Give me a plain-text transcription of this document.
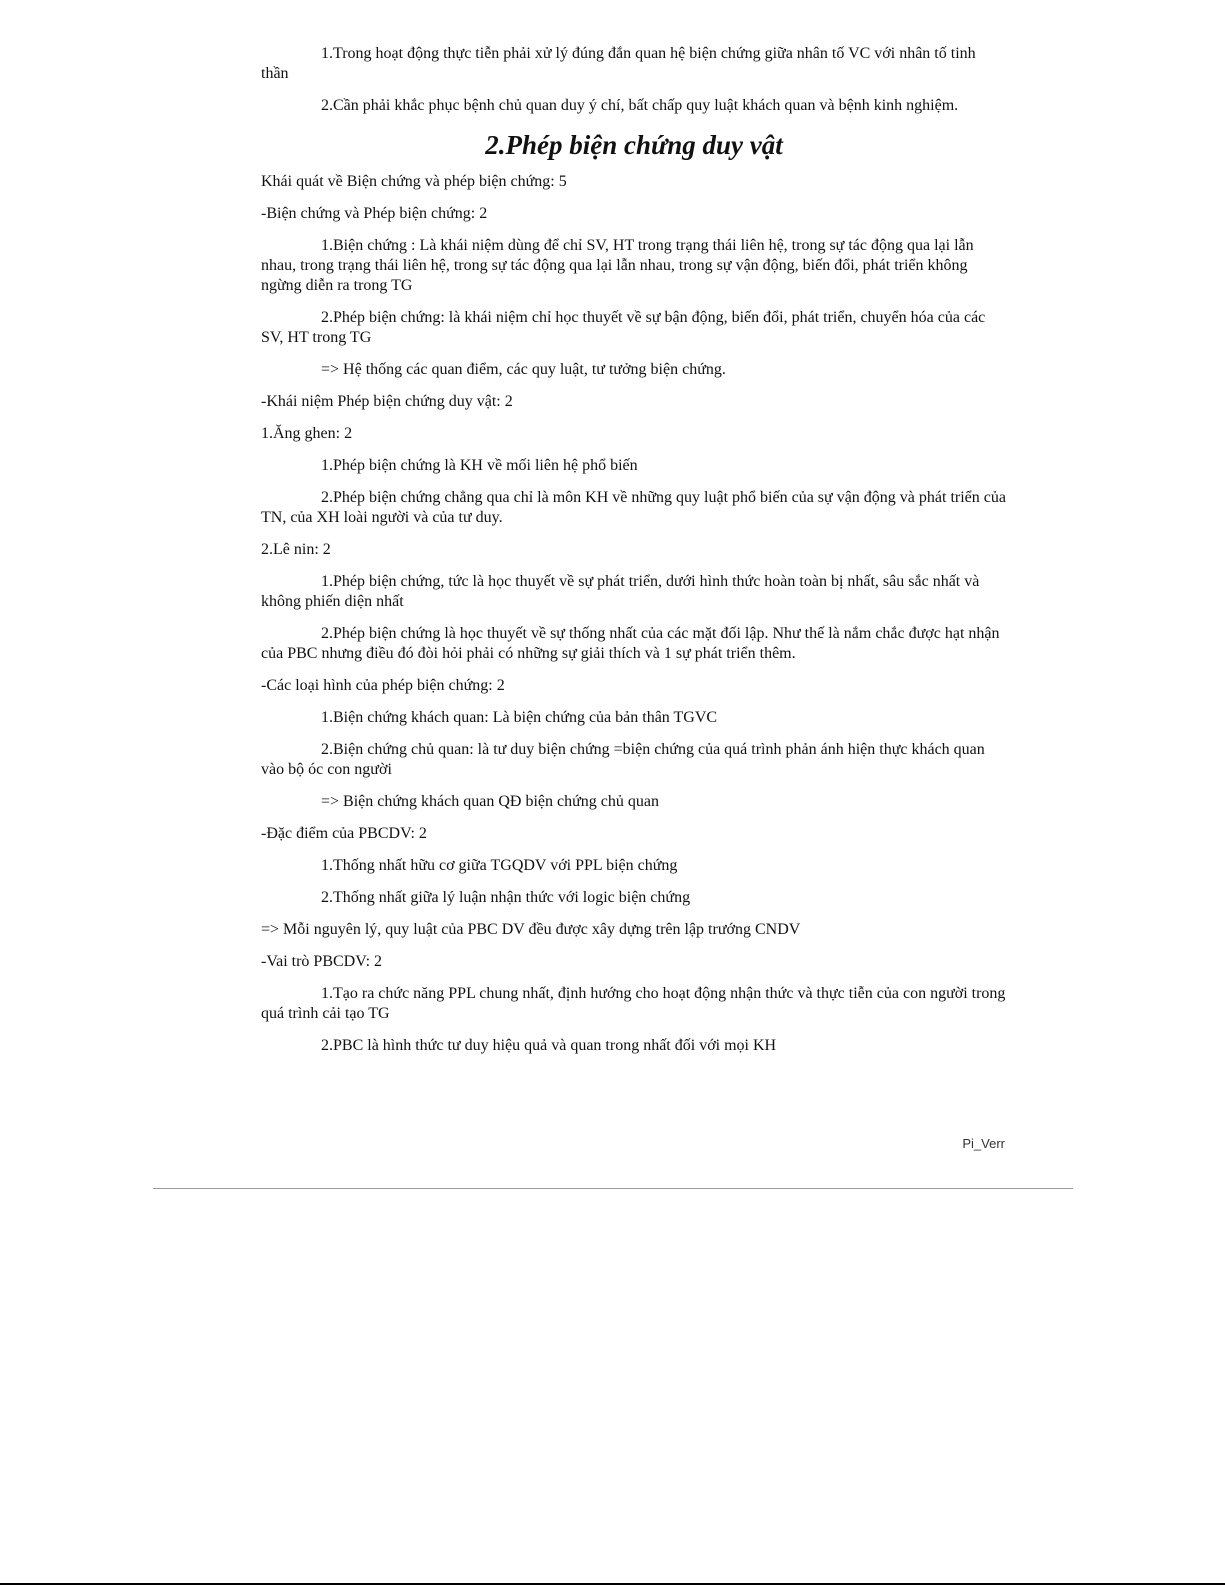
1.Trong hoạt động thực tiễn phải xử lý đúng đắn quan hệ biện chứng giữa nhân tố VC với nhân tố tinh thần

2.Cần phải khắc phục bệnh chủ quan duy ý chí, bất chấp quy luật khách quan và bệnh kinh nghiệm.

2.Phép biện chứng duy vật

Khái quát về Biện chứng và phép biện chứng: 5

-Biện chứng và Phép biện chứng: 2

1.Biện chứng : Là khái niệm dùng để chỉ SV, HT trong trạng thái liên hệ, trong sự tác động qua lại lẫn nhau, trong trạng thái liên hệ, trong sự tác động qua lại lẫn nhau, trong sự vận động, biến đổi, phát triển không ngừng diễn ra trong TG

2.Phép biện chứng: là khái niệm chỉ học thuyết về sự bận động, biến đổi, phát triển, chuyển hóa của các SV, HT trong TG

=> Hệ thống các quan điểm, các quy luật, tư tưởng biện chứng.

-Khái niệm Phép biện chứng duy vật: 2

1.Ăng ghen: 2

1.Phép biện chứng là KH về mối liên hệ phổ biến

2.Phép biện chứng chẳng qua chỉ là môn KH về những quy luật phổ biến của sự vận động và phát triển của TN, của XH loài người và của tư duy.

2.Lê nin: 2

1.Phép biện chứng, tức là học thuyết về sự phát triển, dưới hình thức hoàn toàn bị nhất, sâu sắc nhất và không phiến diện nhất

2.Phép biện chứng là học thuyết về sự thống nhất của các mặt đối lập. Như thế là nắm chắc được hạt nhận của PBC nhưng điều đó đòi hỏi phải có những sự giải thích và 1 sự phát triển thêm.

-Các loại hình của phép biện chứng: 2

1.Biện chứng khách quan: Là biện chứng của bản thân TGVC

2.Biện chứng chủ quan: là tư duy biện chứng =biện chứng của quá trình phản ánh hiện thực khách quan vào bộ óc con người

=> Biện chứng khách quan QĐ biện chứng chủ quan

-Đặc điểm của PBCDV: 2

1.Thống nhất hữu cơ giữa TGQDV với PPL biện chứng

2.Thống nhất giữa lý luận nhận thức với logic biện chứng

=> Mỗi nguyên lý, quy luật của PBC DV đều được xây dựng trên lập trướng CNDV

-Vai trò PBCDV: 2

1.Tạo ra chức năng PPL chung nhất, định hướng cho hoạt động nhận thức và thực tiễn của con người trong quá trình cải tạo TG

2.PBC là hình thức tư duy hiệu quả và quan trong nhất đối với mọi KH

Pi_Verr
